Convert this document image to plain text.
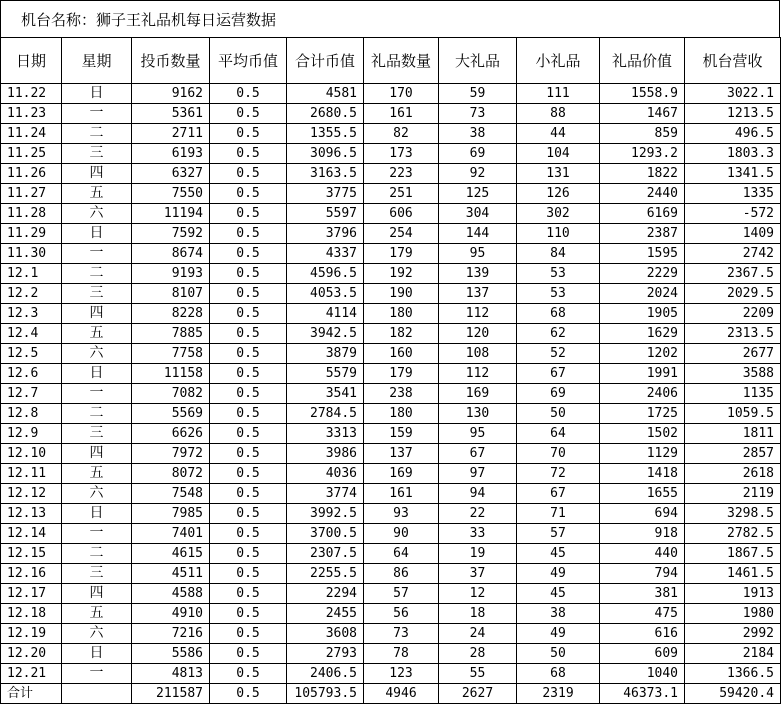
机台名称：狮子王礼品机每日运营数据
日期	星期	投币数量	平均币值	合计币值	礼品数量	大礼品	小礼品	礼品价值	机台营收
11.22	日	9162	0.5	4581	170	59	111	1558.9	3022.1
11.23	一	5361	0.5	2680.5	161	73	88	1467	1213.5
11.24	二	2711	0.5	1355.5	82	38	44	859	496.5
11.25	三	6193	0.5	3096.5	173	69	104	1293.2	1803.3
11.26	四	6327	0.5	3163.5	223	92	131	1822	1341.5
11.27	五	7550	0.5	3775	251	125	126	2440	1335
11.28	六	11194	0.5	5597	606	304	302	6169	-572
11.29	日	7592	0.5	3796	254	144	110	2387	1409
11.30	一	8674	0.5	4337	179	95	84	1595	2742
12.1	二	9193	0.5	4596.5	192	139	53	2229	2367.5
12.2	三	8107	0.5	4053.5	190	137	53	2024	2029.5
12.3	四	8228	0.5	4114	180	112	68	1905	2209
12.4	五	7885	0.5	3942.5	182	120	62	1629	2313.5
12.5	六	7758	0.5	3879	160	108	52	1202	2677
12.6	日	11158	0.5	5579	179	112	67	1991	3588
12.7	一	7082	0.5	3541	238	169	69	2406	1135
12.8	二	5569	0.5	2784.5	180	130	50	1725	1059.5
12.9	三	6626	0.5	3313	159	95	64	1502	1811
12.10	四	7972	0.5	3986	137	67	70	1129	2857
12.11	五	8072	0.5	4036	169	97	72	1418	2618
12.12	六	7548	0.5	3774	161	94	67	1655	2119
12.13	日	7985	0.5	3992.5	93	22	71	694	3298.5
12.14	一	7401	0.5	3700.5	90	33	57	918	2782.5
12.15	二	4615	0.5	2307.5	64	19	45	440	1867.5
12.16	三	4511	0.5	2255.5	86	37	49	794	1461.5
12.17	四	4588	0.5	2294	57	12	45	381	1913
12.18	五	4910	0.5	2455	56	18	38	475	1980
12.19	六	7216	0.5	3608	73	24	49	616	2992
12.20	日	5586	0.5	2793	78	28	50	609	2184
12.21	一	4813	0.5	2406.5	123	55	68	1040	1366.5
合计		211587	0.5	105793.5	4946	2627	2319	46373.1	59420.4
